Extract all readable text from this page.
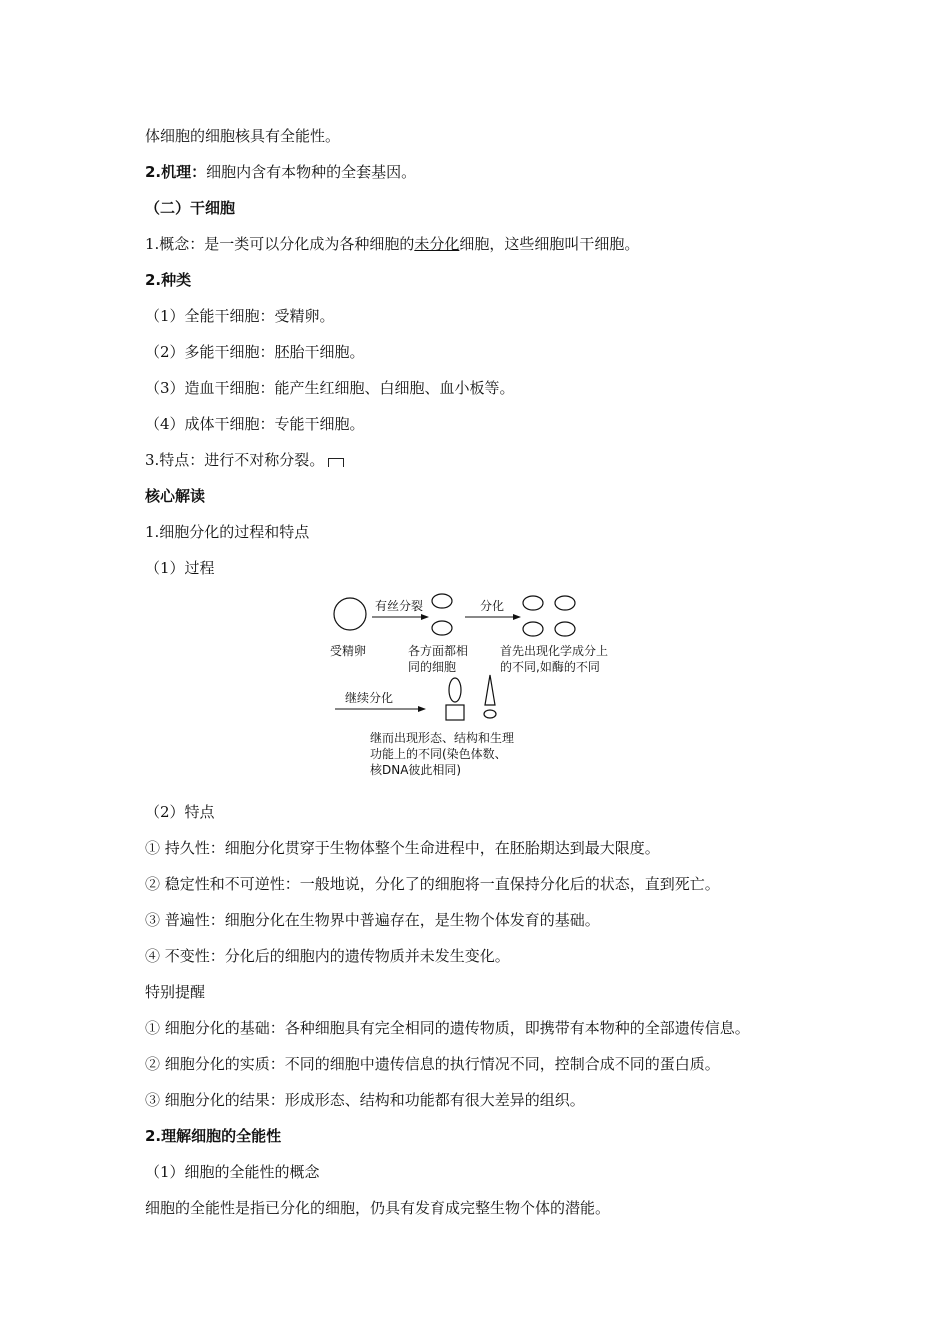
体细胞的细胞核具有全能性。
2.机理：细胞内含有本物种的全套基因。
（二）干细胞
1.概念：是一类可以分化成为各种细胞的未分化细胞，这些细胞叫干细胞。
2.种类
（1）全能干细胞：受精卵。
（2）多能干细胞：胚胎干细胞。
（3）造血干细胞：能产生红细胞、白细胞、血小板等。
（4）成体干细胞：专能干细胞。
3.特点：进行不对称分裂。
核心解读
1.细胞分化的过程和特点
（1）过程
受精卵
有丝分裂
各方面都相
同的细胞
分化
首先出现化学成分上
的不同,如酶的不同
继续分化
继而出现形态、结构和生理
功能上的不同(染色体数、
核DNA彼此相同)
（2）特点
① 持久性：细胞分化贯穿于生物体整个生命进程中，在胚胎期达到最大限度。
② 稳定性和不可逆性：一般地说，分化了的细胞将一直保持分化后的状态，直到死亡。
③ 普遍性：细胞分化在生物界中普遍存在，是生物个体发育的基础。
④ 不变性：分化后的细胞内的遗传物质并未发生变化。
特别提醒
① 细胞分化的基础：各种细胞具有完全相同的遗传物质，即携带有本物种的全部遗传信息。
② 细胞分化的实质：不同的细胞中遗传信息的执行情况不同，控制合成不同的蛋白质。
③ 细胞分化的结果：形成形态、结构和功能都有很大差异的组织。
2.理解细胞的全能性
（1）细胞的全能性的概念
细胞的全能性是指已分化的细胞，仍具有发育成完整生物个体的潜能。
